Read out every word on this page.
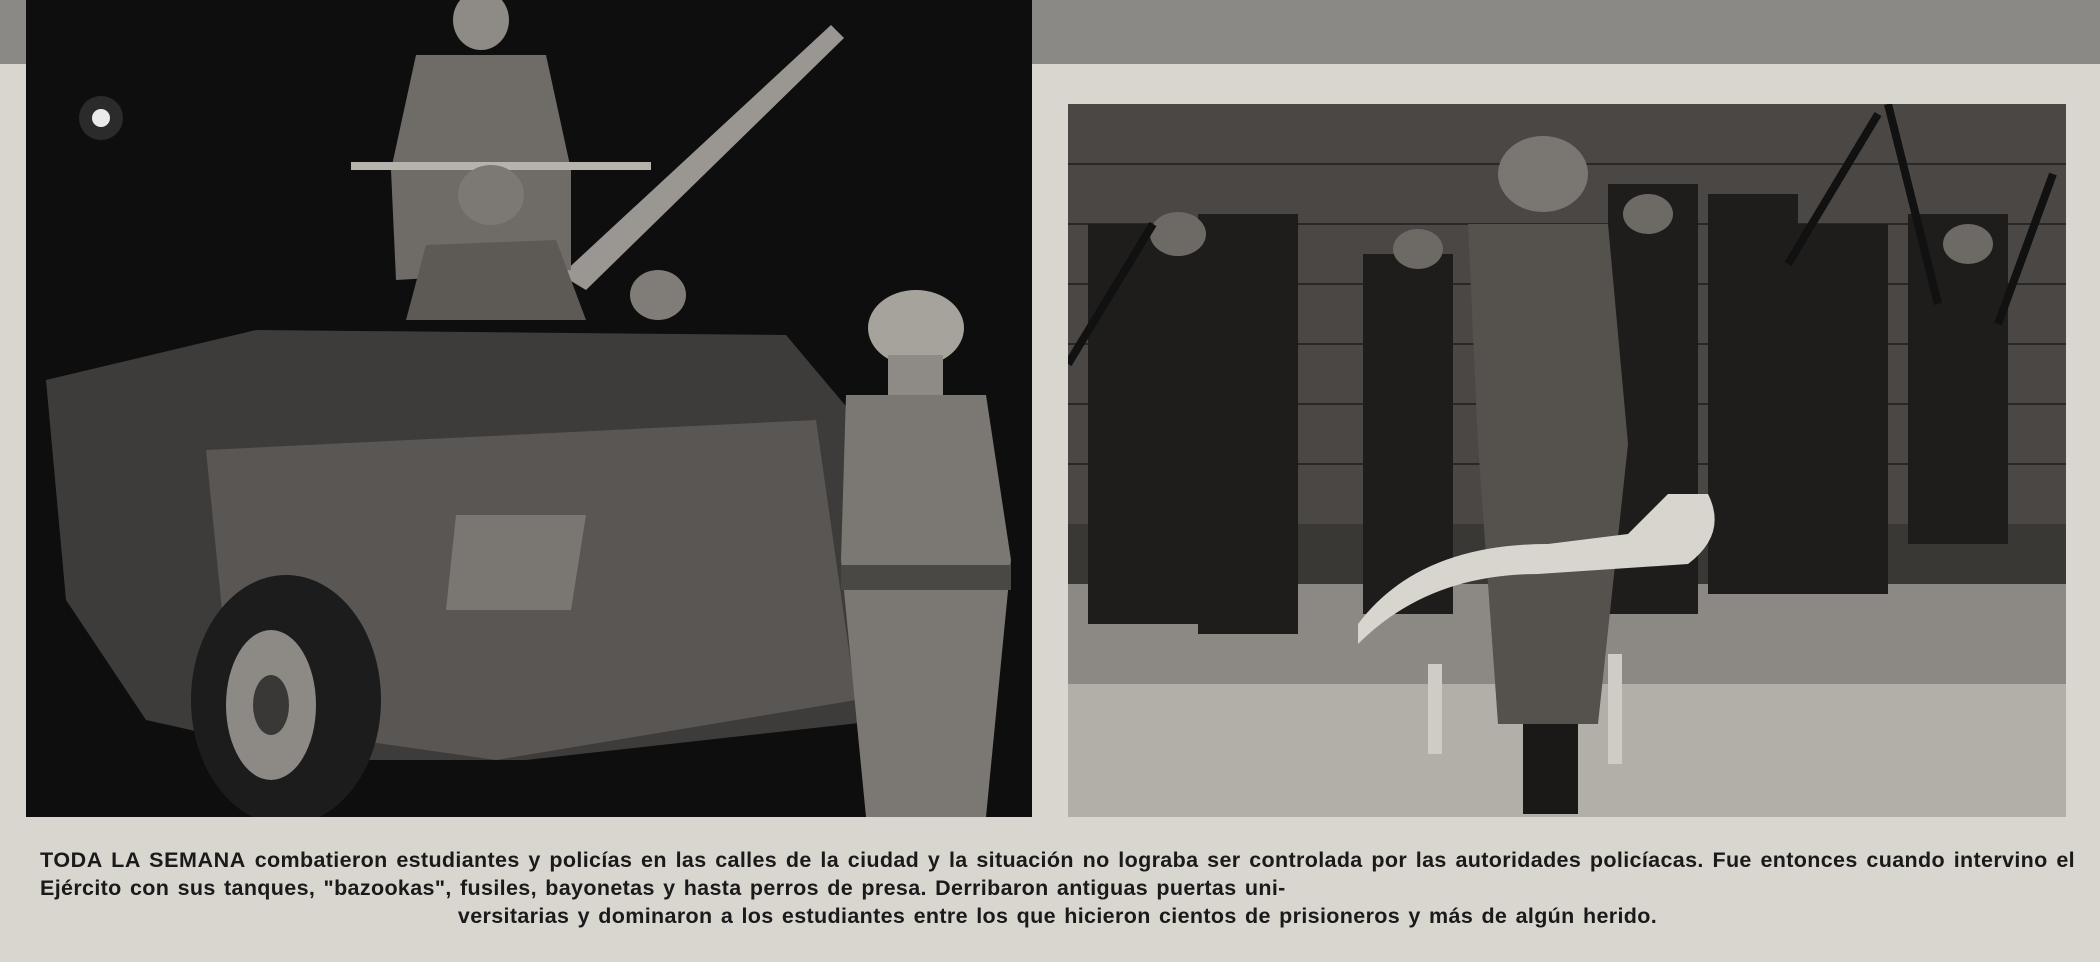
TODA LA SEMANA combatieron estudiantes y policías en las calles de la ciudad y la situación no lograba ser controlada por las autoridades policíacas. Fue entonces cuando intervino el Ejército con sus tanques, "bazookas", fusiles, bayonetas y hasta perros de presa. Derribaron antiguas puertas uni-
versitarias y dominaron a los estudiantes entre los que hicieron cientos de prisioneros y más de algún herido.
